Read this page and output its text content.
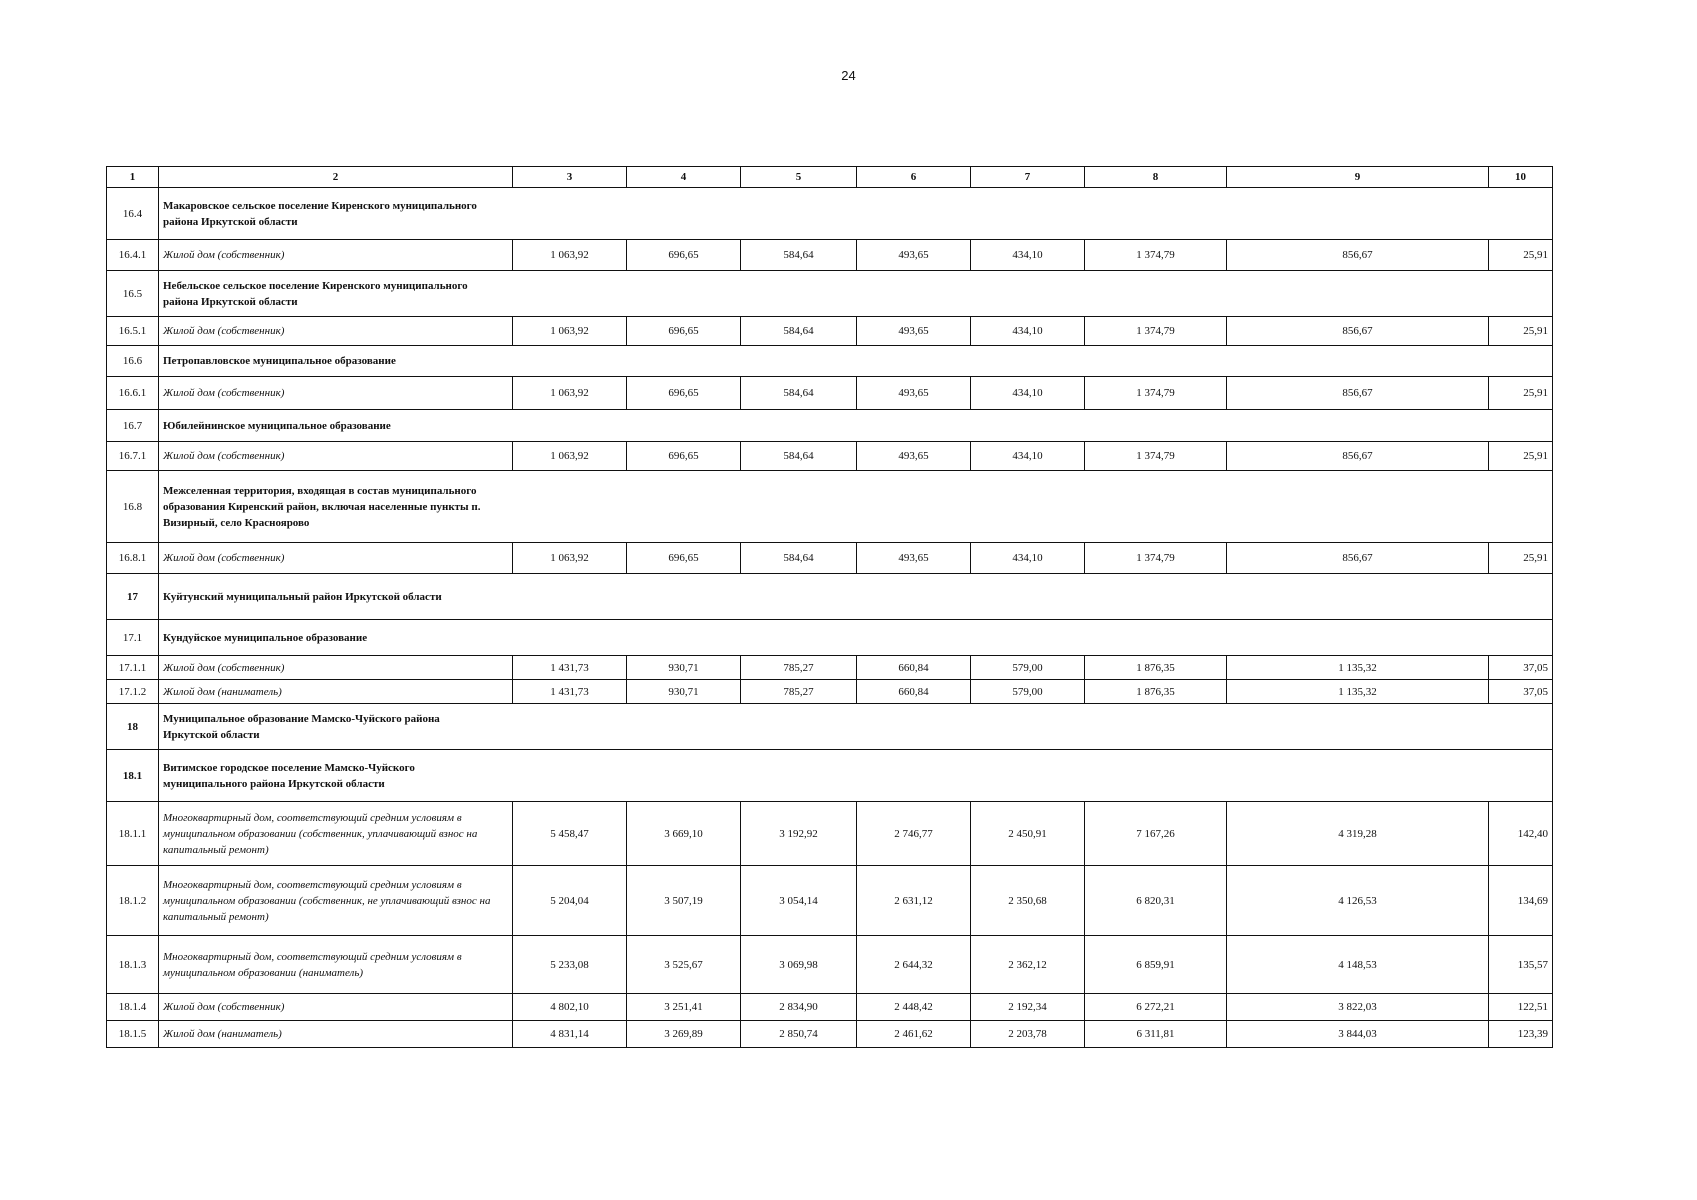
24
1	2	3	4	5	6	7	8	9	10
16.4	Макаровское сельское поселение Киренского муниципального района Иркутской области								

16.4.1	Жилой дом (собственник)	1 063,92	696,65	584,64	493,65	434,10	1 374,79	856,67	25,91
16.5	Небельское сельское поселение Киренского муниципального района Иркутской области								

16.5.1	Жилой дом (собственник)	1 063,92	696,65	584,64	493,65	434,10	1 374,79	856,67	25,91
16.6	Петропавловское муниципальное образование								

16.6.1	Жилой дом (собственник)	1 063,92	696,65	584,64	493,65	434,10	1 374,79	856,67	25,91
16.7	Юбилейнинское муниципальное образование								

16.7.1	Жилой дом (собственник)	1 063,92	696,65	584,64	493,65	434,10	1 374,79	856,67	25,91
16.8	Межселенная территория, входящая в состав муниципального образования Киренский район, включая населенные пункты п. Визирный, село Красноярово								

16.8.1	Жилой дом (собственник)	1 063,92	696,65	584,64	493,65	434,10	1 374,79	856,67	25,91
17	Куйтунский муниципальный район Иркутской области								

17.1	Кундуйское муниципальное образование								

17.1.1	Жилой дом (собственник)	1 431,73	930,71	785,27	660,84	579,00	1 876,35	1 135,32	37,05
17.1.2	Жилой дом (наниматель)	1 431,73	930,71	785,27	660,84	579,00	1 876,35	1 135,32	37,05
18	Муниципальное образование Мамско-Чуйского района Иркутской области								

18.1	Витимское городское поселение Мамско-Чуйского муниципального района Иркутской области								

18.1.1	Многоквартирный дом, соответствующий средним условиям в муниципальном образовании (собственник, уплачивающий взнос на капитальный ремонт)	5 458,47	3 669,10	3 192,92	2 746,77	2 450,91	7 167,26	4 319,28	142,40
18.1.2	Многоквартирный дом, соответствующий средним условиям в муниципальном образовании (собственник, не уплачивающий взнос на капитальный ремонт)	5 204,04	3 507,19	3 054,14	2 631,12	2 350,68	6 820,31	4 126,53	134,69
18.1.3	Многоквартирный дом, соответствующий средним условиям в муниципальном образовании (наниматель)	5 233,08	3 525,67	3 069,98	2 644,32	2 362,12	6 859,91	4 148,53	135,57
18.1.4	Жилой дом (собственник)	4 802,10	3 251,41	2 834,90	2 448,42	2 192,34	6 272,21	3 822,03	122,51
18.1.5	Жилой дом (наниматель)	4 831,14	3 269,89	2 850,74	2 461,62	2 203,78	6 311,81	3 844,03	123,39
